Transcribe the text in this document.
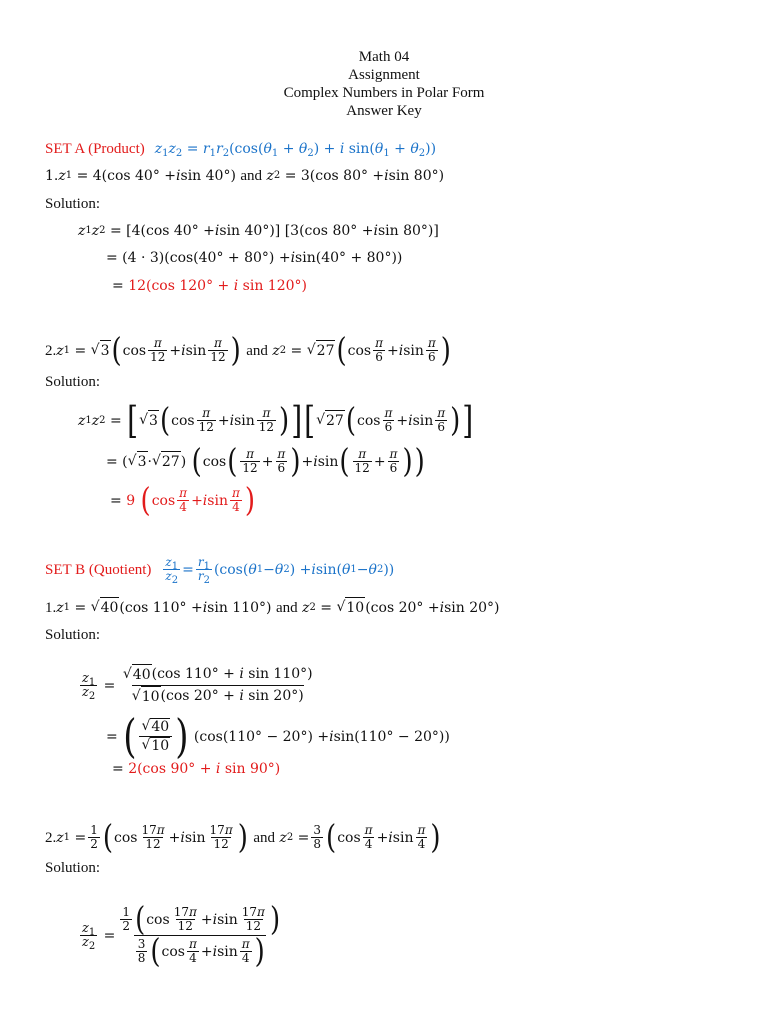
Math 04
Assignment
Complex Numbers in Polar Form
Answer Key
SET A (Product) $z_1z_2 = r_1r_2(\cos(\theta_1 + \theta_2) + i$ $\sin(\theta_1 + \theta_2)$)
1. z 1 = 4(cos 40° + i sin 40°) and
z 2 = 3(cos 80° + i sin 80°)
Solution:
z 1 z 2 = [4(cos 40° + i sin 40°)] [3(cos 80° + i sin 80°)]
= (4 · 3)(cos(40° + 80°) + i sin(40° + 80°))
= 12(cos 120° + i sin 120°)
2. z 1 = √ 3 ( $\cos \frac{\pi}{12} + i$ $\sin \frac{\pi}{12}$ )
and
z 2 = √ 27 ( $\cos \frac{\pi}{6} + i$ $\sin \frac{\pi}{6}$ )
Solution:
z 1 z 2 = [ √ 3 ( $\cos \frac{\pi}{12} + i$ $\sin \frac{\pi}{12}$ ) ] [ √ 27 ( $\cos \frac{\pi}{6} + i$ $\sin \frac{\pi}{6}$ ) ]
= ( √ 3 · √ 27 ) ( cos ( $\frac{\pi}{12} + \frac{\pi}{6}$ ) + i sin ( $\frac{\pi}{12} + \frac{\pi}{6}$ ) )
= 9 ( $\cos \frac{\pi}{4} + i$ $\sin \frac{\pi}{4}$ )
SET B (Quotient) $\frac{z_1}{z_2} = \frac{r_1}{r_2} (\cos$( θ 1 − θ 2 ) + i sin( θ 1 − θ 2 ))
1. z 1 = √ 40 (cos 110° + i sin 110°) and
z 2 = √ 10 (cos 20° + i sin 20°)
Solution:
$\frac{z_1}{z_2} = \frac{\text{√ 40 (cos 110° + i sin 110°)}}{\text{√ 10 (cos 20° + i sin 20°)}}$
= ( $\frac{√ 40}{√ 10}$ ) (cos(110° − 20°) + i sin(110° − 20°))
= 2(cos 90° + i sin 90°)
2. z $1 = \frac{1}{2}$ ( $\cos \frac{17\pi}{12} + i$ $\sin \frac{17\pi}{12}$ )
and
z $2 = \frac{3}{8}$ ( $\cos \frac{\pi}{4} + i$ $\sin \frac{\pi}{4}$ )
Solution:
$\frac{z_1}{z_2} = \frac{\frac{1}{2} ( \cos \frac{17\pi}{12} + i \sin \frac{17\pi}{12} )}{\frac{3}{8} ( \cos \frac{\pi}{4} + i \sin \frac{\pi}{4} )}$
